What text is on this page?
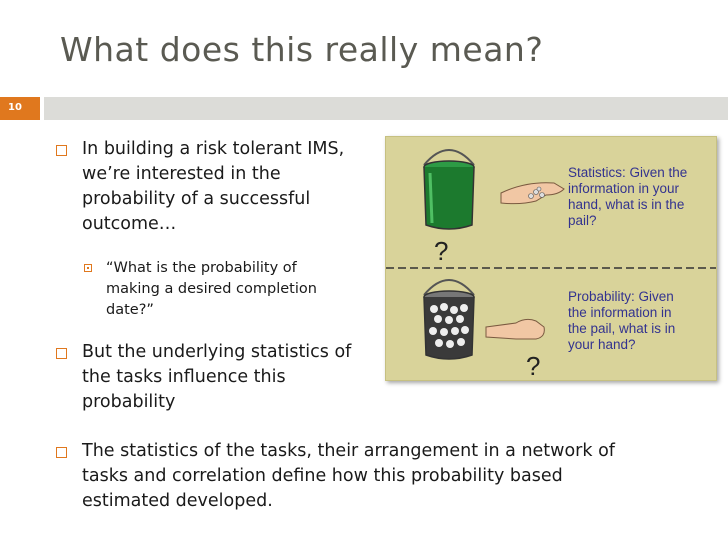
What does this really mean?
10
In building a risk tolerant IMS,
we’re interested in the
probability of a successful
outcome…
“What is the probability of
making a desired completion
date?”
But the underlying statistics of
the tasks influence this
probability
The statistics of the tasks, their arrangement in a network of
tasks and correlation define how this probability based
estimated developed.
?
?
Statistics: Given the
information in your
hand, what is in the
pail?
Probability: Given
the information in
the pail, what is in
your hand?
